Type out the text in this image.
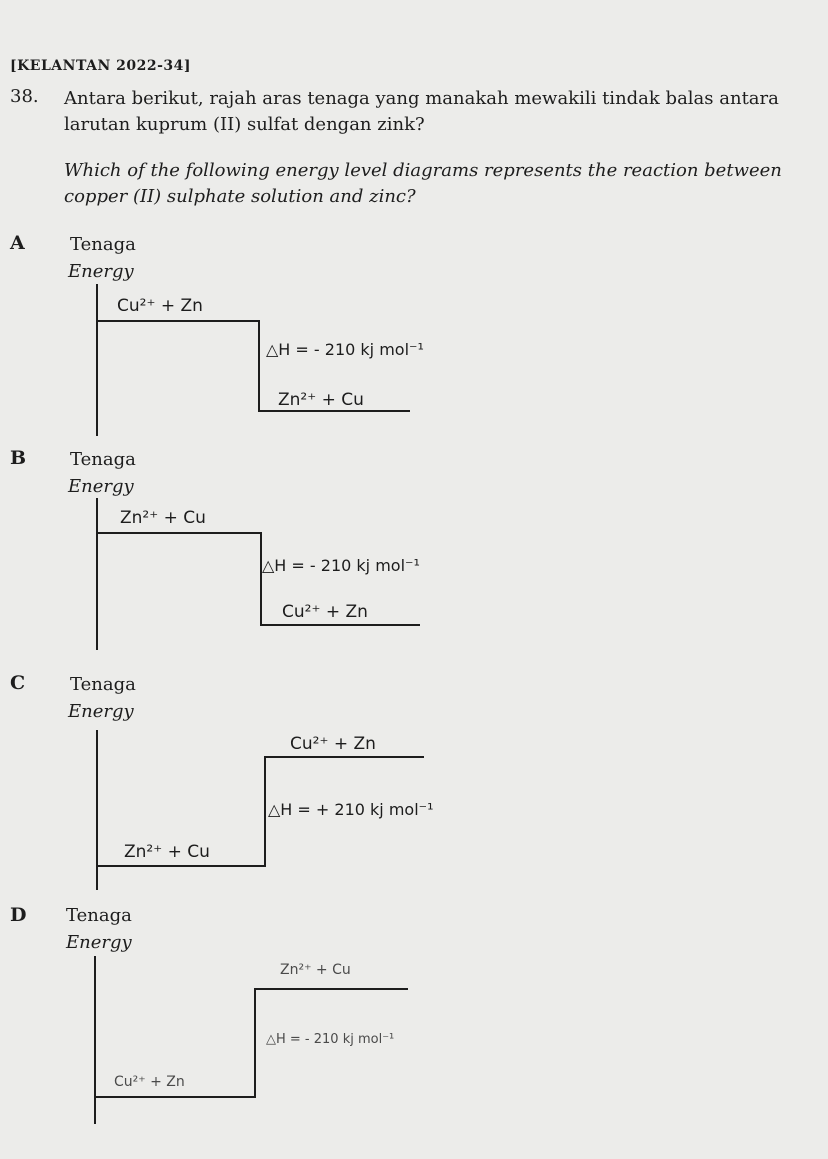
[KELANTAN 2022-34]
38. Antara berikut, rajah aras tenaga yang manakah mewakili tindak balas antara larutan kuprum (II) sulfat dengan zink?
Which of the following energy level diagrams represents the reaction between copper (II) sulphate solution and zinc?
A	Tenaga
Energy
Cu²⁺ + Zn
△H = - 210 kj mol⁻¹
Zn²⁺ + Cu
B Tenaga
Energy
Zn²⁺ + Cu
△H = - 210 kj mol⁻¹
Cu²⁺ + Zn
C Tenaga
Energy
Cu²⁺ + Zn
△H = + 210 kj mol⁻¹
Zn²⁺ + Cu
D Tenaga
Energy
Zn²⁺ + Cu
△H = - 210 kj mol⁻¹
Cu²⁺ + Zn
